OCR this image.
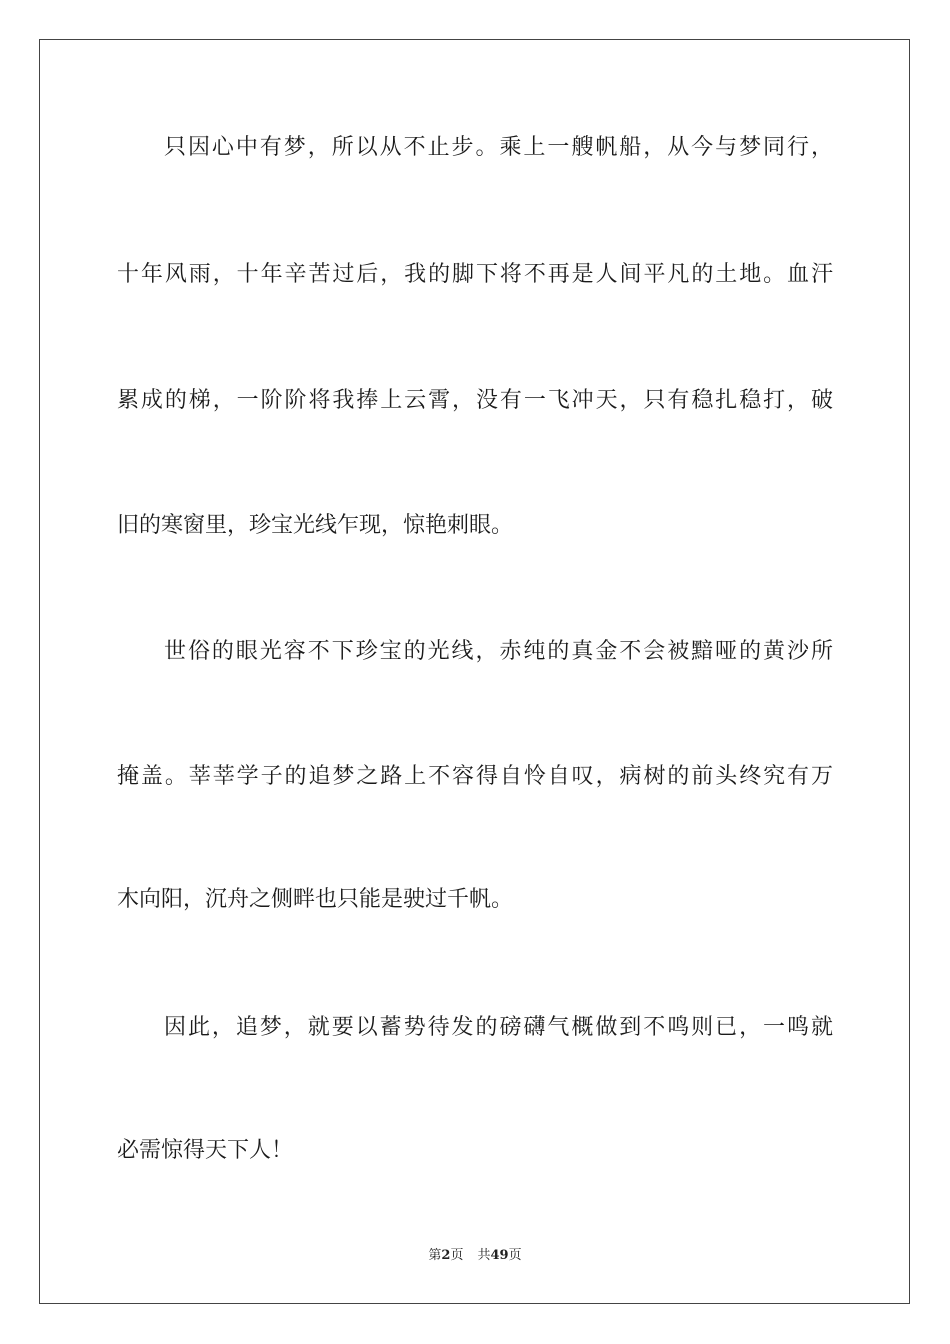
只因心中有梦，所以从不止步。乘上一艘帆船，从今与梦同行，

十年风雨，十年辛苦过后，我的脚下将不再是人间平凡的土地。血汗

累成的梯，一阶阶将我捧上云霄，没有一飞冲天，只有稳扎稳打，破

旧的寒窗里，珍宝光线乍现，惊艳刺眼。

世俗的眼光容不下珍宝的光线，赤纯的真金不会被黯哑的黄沙所

掩盖。莘莘学子的追梦之路上不容得自怜自叹，病树的前头终究有万

木向阳，沉舟之侧畔也只能是驶过千帆。

因此，追梦，就要以蓄势待发的磅礴气概做到不鸣则已，一鸣就

必需惊得天下人！

第2页 共49页
